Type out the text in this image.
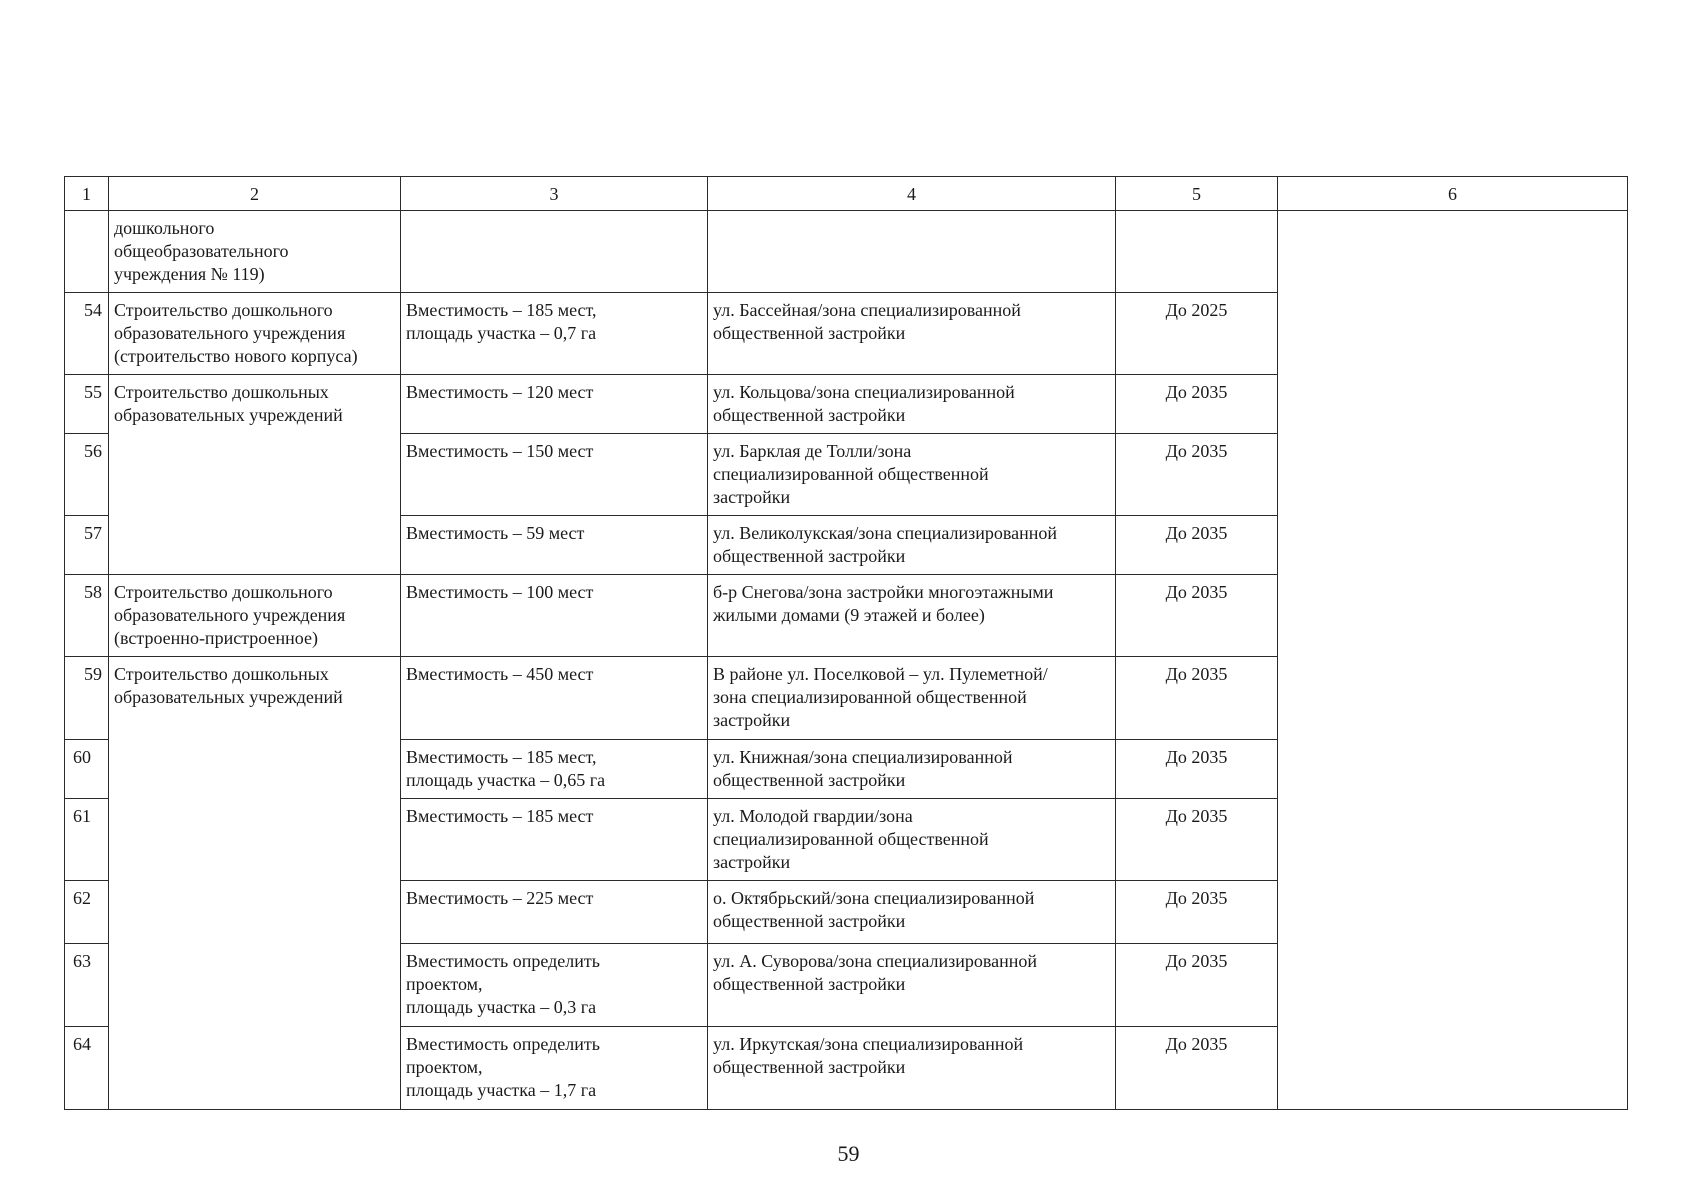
1	2	3	4	5	6
	дошкольного
общеобразовательного
учреждения № 119)				
54	Строительство дошкольного
образовательного учреждения
(строительство нового корпуса)	Вместимость – 185 мест,
площадь участка – 0,7 га	ул. Бассейная/зона специализированной
общественной застройки	До 2025	
55	Строительство дошкольных
образовательных учреждений	Вместимость – 120 мест	ул. Кольцова/зона специализированной
общественной застройки	До 2035	
56		Вместимость – 150 мест	ул. Барклая де Толли/зона
специализированной общественной
застройки	До 2035	
57		Вместимость – 59 мест	ул. Великолукская/зона специализированной
общественной застройки	До 2035	
58	Строительство дошкольного
образовательного учреждения
(встроенно-пристроенное)	Вместимость – 100 мест	б-р Снегова/зона застройки многоэтажными
жилыми домами (9 этажей и более)	До 2035	
59	Строительство дошкольных
образовательных учреждений	Вместимость – 450 мест	В районе ул. Поселковой – ул. Пулеметной/
зона специализированной общественной
застройки	До 2035	
60		Вместимость – 185 мест,
площадь участка – 0,65 га	ул. Книжная/зона специализированной
общественной застройки	До 2035	
61		Вместимость – 185 мест	ул. Молодой гвардии/зона
специализированной общественной
застройки	До 2035	
62		Вместимость – 225 мест	о. Октябрьский/зона специализированной
общественной застройки	До 2035	
63		Вместимость определить
проектом,
площадь участка – 0,3 га	ул. А. Суворова/зона специализированной
общественной застройки	До 2035	
64		Вместимость определить
проектом,
площадь участка – 1,7 га	ул. Иркутская/зона специализированной
общественной застройки	До 2035	
59
